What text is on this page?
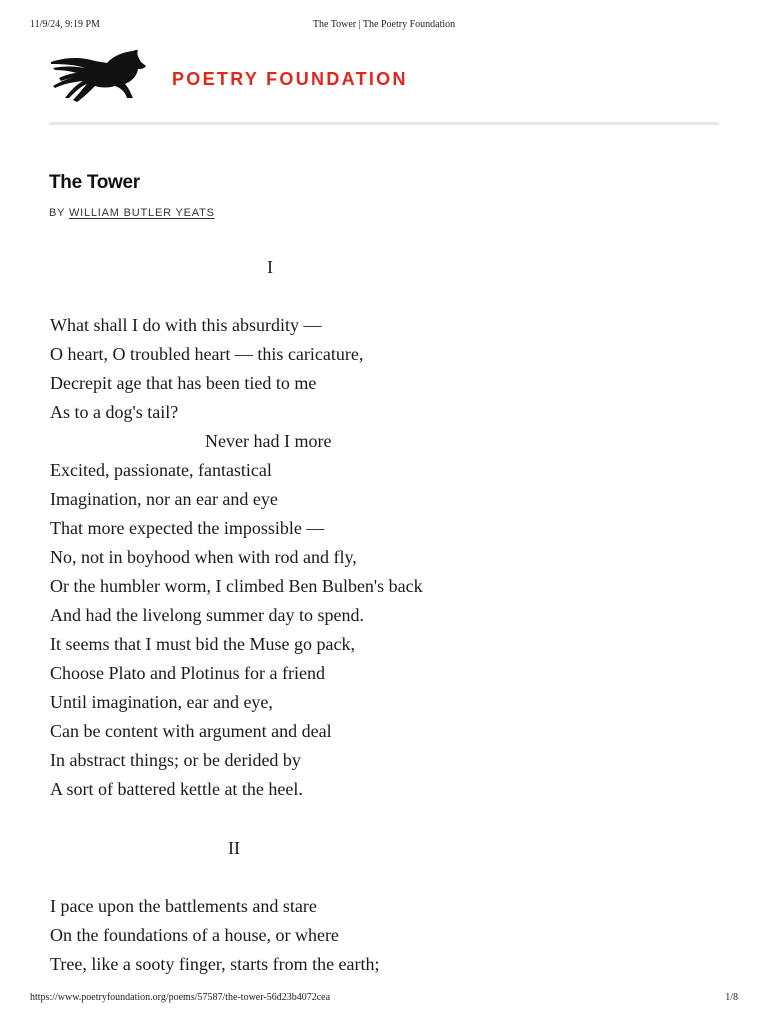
11/9/24, 9:19 PM	The Tower | The Poetry Foundation
POETRY FOUNDATION
The Tower
BY WILLIAM BUTLER YEATS
I
What shall I do with this absurdity —
O heart, O troubled heart — this caricature,
Decrepit age that has been tied to me
As to a dog's tail?
Never had I more
Excited, passionate, fantastical
Imagination, nor an ear and eye
That more expected the impossible —
No, not in boyhood when with rod and fly,
Or the humbler worm, I climbed Ben Bulben's back
And had the livelong summer day to spend.
It seems that I must bid the Muse go pack,
Choose Plato and Plotinus for a friend
Until imagination, ear and eye,
Can be content with argument and deal
In abstract things; or be derided by
A sort of battered kettle at the heel.
II
I pace upon the battlements and stare
On the foundations of a house, or where
Tree, like a sooty finger, starts from the earth;
https://www.poetryfoundation.org/poems/57587/the-tower-56d23b4072cea	1/8
